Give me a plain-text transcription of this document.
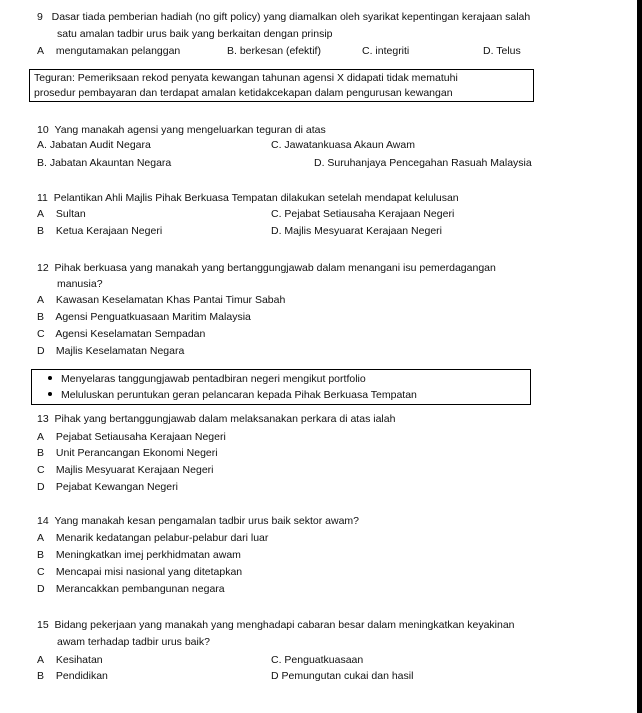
9 Dasar tiada pemberian hadiah (no gift policy) yang diamalkan oleh syarikat kepentingan kerajaan salah
satu amalan tadbir urus baik yang berkaitan dengan prinsip
A mengutamakan pelanggan	B. berkesan (efektif)	C. integriti	D. Telus
Teguran: Pemeriksaan rekod penyata kewangan tahunan agensi X didapati tidak mematuhi
prosedur pembayaran dan terdapat amalan ketidakcekapan dalam pengurusan kewangan
10 Yang manakah agensi yang mengeluarkan teguran di atas
A. Jabatan Audit Negara	C. Jawatankuasa Akaun Awam
B. Jabatan Akauntan Negara	D. Suruhanjaya Pencegahan Rasuah Malaysia
11 Pelantikan Ahli Majlis Pihak Berkuasa Tempatan dilakukan setelah mendapat kelulusan
A Sultan	C. Pejabat Setiausaha Kerajaan Negeri
B Ketua Kerajaan Negeri	D. Majlis Mesyuarat Kerajaan Negeri
12 Pihak berkuasa yang manakah yang bertanggungjawab dalam menangani isu pemerdagangan
manusia?
A Kawasan Keselamatan Khas Pantai Timur Sabah
B Agensi Penguatkuasaan Maritim Malaysia
C Agensi Keselamatan Sempadan
D Majlis Keselamatan Negara
Menyelaras tanggungjawab pentadbiran negeri mengikut portfolio
Meluluskan peruntukan geran pelancaran kepada Pihak Berkuasa Tempatan
13 Pihak yang bertanggungjawab dalam melaksanakan perkara di atas ialah
A Pejabat Setiausaha Kerajaan Negeri
B Unit Perancangan Ekonomi Negeri
C Majlis Mesyuarat Kerajaan Negeri
D Pejabat Kewangan Negeri
14 Yang manakah kesan pengamalan tadbir urus baik sektor awam?
A Menarik kedatangan pelabur-pelabur dari luar
B Meningkatkan imej perkhidmatan awam
C Mencapai misi nasional yang ditetapkan
D Merancakkan pembangunan negara
15 Bidang pekerjaan yang manakah yang menghadapi cabaran besar dalam meningkatkan keyakinan
awam terhadap tadbir urus baik?
A Kesihatan	C. Penguatkuasaan
B Pendidikan	D Pemungutan cukai dan hasil
